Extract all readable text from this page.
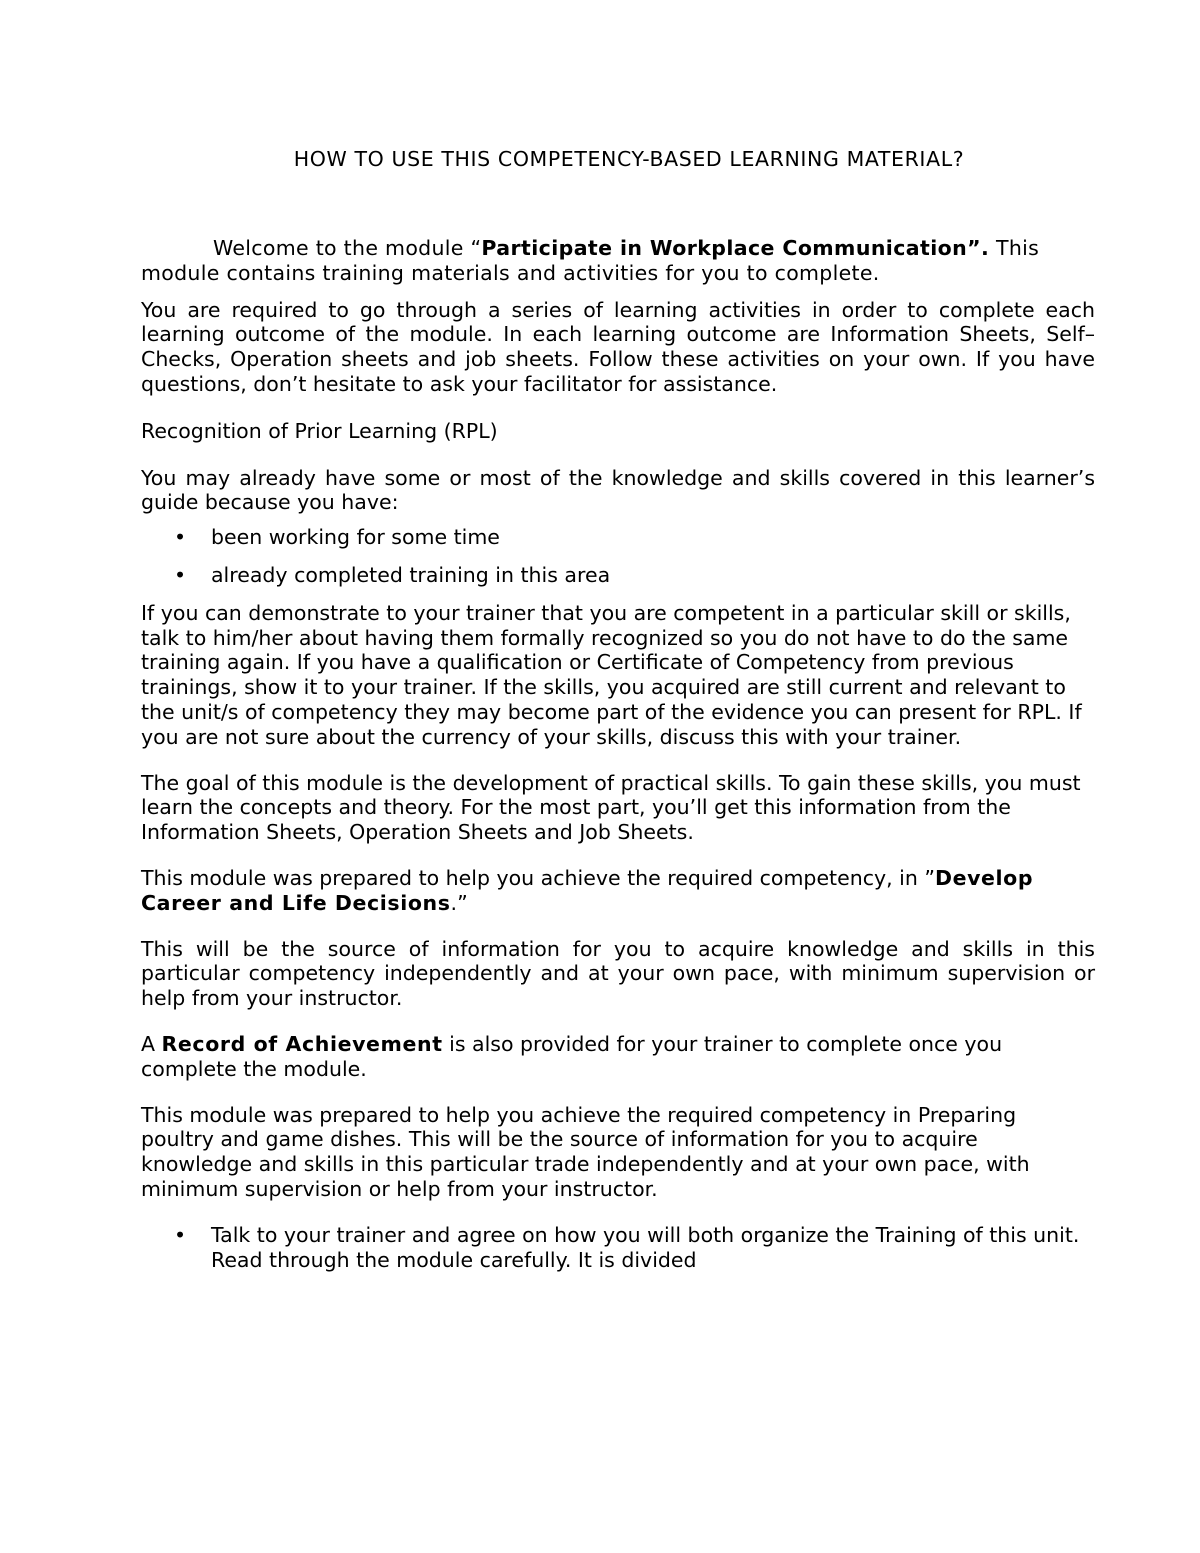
HOW TO USE THIS COMPETENCY-BASED LEARNING MATERIAL?

Welcome to the module “Participate in Workplace Communication”. This module contains training materials and activities for you to complete.

You are required to go through a series of learning activities in order to complete each learning outcome of the module. In each learning outcome are Information Sheets, Self–Checks, Operation sheets and job sheets. Follow these activities on your own. If you have questions, don’t hesitate to ask your facilitator for assistance.

Recognition of Prior Learning (RPL)

You may already have some or most of the knowledge and skills covered in this learner’s guide because you have:

• been working for some time
• already completed training in this area

If you can demonstrate to your trainer that you are competent in a particular skill or skills, talk to him/her about having them formally recognized so you do not have to do the same training again. If you have a qualification or Certificate of Competency from previous trainings, show it to your trainer. If the skills, you acquired are still current and relevant to the unit/s of competency they may become part of the evidence you can present for RPL. If you are not sure about the currency of your skills, discuss this with your trainer.

The goal of this module is the development of practical skills. To gain these skills, you must learn the concepts and theory. For the most part, you’ll get this information from the Information Sheets, Operation Sheets and Job Sheets.

This module was prepared to help you achieve the required competency, in ”Develop Career and Life Decisions.”

This will be the source of information for you to acquire knowledge and skills in this particular competency independently and at your own pace, with minimum supervision or help from your instructor.

A Record of Achievement is also provided for your trainer to complete once you complete the module.

This module was prepared to help you achieve the required competency in Preparing poultry and game dishes. This will be the source of information for you to acquire knowledge and skills in this particular trade independently and at your own pace, with minimum supervision or help from your instructor.

• Talk to your trainer and agree on how you will both organize the Training of this unit. Read through the module carefully. It is divided
